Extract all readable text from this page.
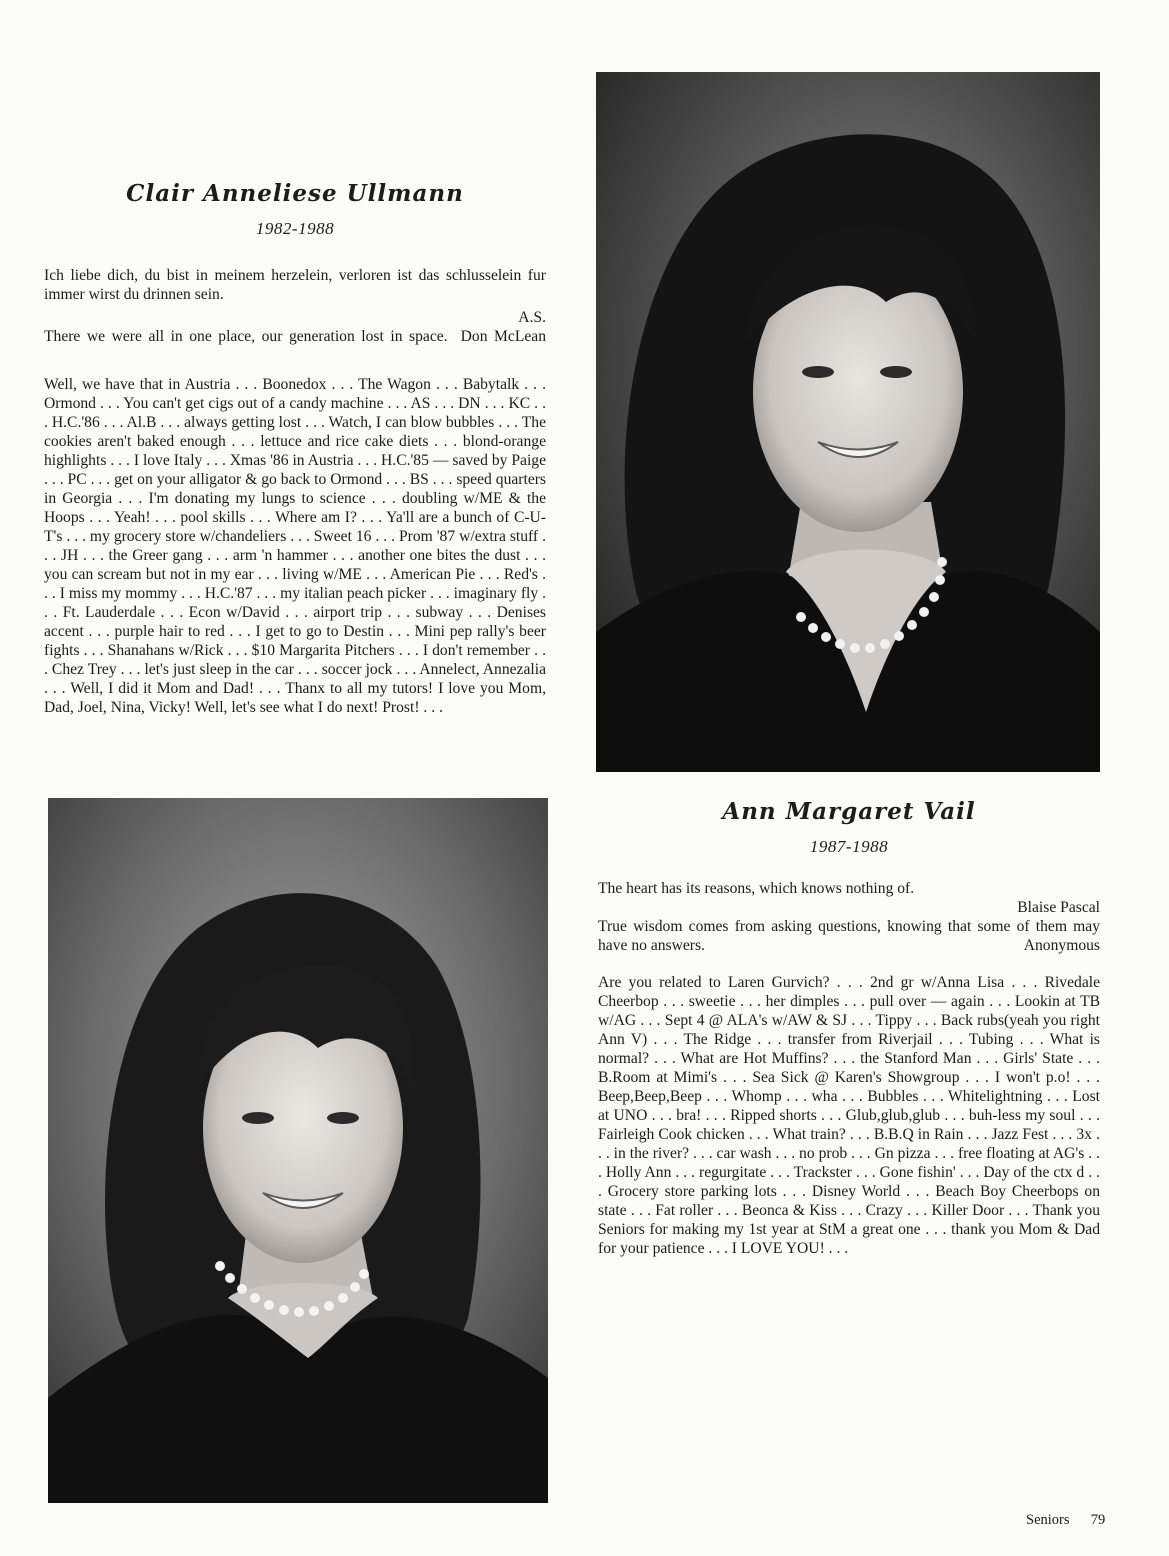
Clair Anneliese Ullmann
1982-1988

Ich liebe dich, du bist in meinem herzelein, verloren ist das schlusselein fur immer wirst du drinnen sein.

A.S.

There we were all in one place, our generation lost in space. Don McLean

Well, we have that in Austria . . . Boonedox . . . The Wagon . . . Babytalk . . . Ormond . . . You can't get cigs out of a candy machine . . . AS . . . DN . . . KC . . . H.C.'86 . . . Al.B . . . always getting lost . . . Watch, I can blow bubbles . . . The cookies aren't baked enough . . . lettuce and rice cake diets . . . blond-orange highlights . . . I love Italy . . . Xmas '86 in Austria . . . H.C.'85 — saved by Paige . . . PC . . . get on your alligator & go back to Ormond . . . BS . . . speed quarters in Georgia . . . I'm donating my lungs to science . . . doubling w/ME & the Hoops . . . Yeah! . . . pool skills . . . Where am I? . . . Ya'll are a bunch of C-U-T's . . . my grocery store w/chandeliers . . . Sweet 16 . . . Prom '87 w/extra stuff . . . JH . . . the Greer gang . . . arm 'n hammer . . . another one bites the dust . . . you can scream but not in my ear . . . living w/ME . . . American Pie . . . Red's . . . I miss my mommy . . . H.C.'87 . . . my italian peach picker . . . imaginary fly . . . Ft. Lauderdale . . . Econ w/David . . . airport trip . . . subway . . . Denises accent . . . purple hair to red . . . I get to go to Destin . . . Mini pep rally's beer fights . . . Shanahans w/Rick . . . $10 Margarita Pitchers . . . I don't remember . . . Chez Trey . . . let's just sleep in the car . . . soccer jock . . . Annelect, Annezalia . . . Well, I did it Mom and Dad! . . . Thanx to all my tutors! I love you Mom, Dad, Joel, Nina, Vicky! Well, let's see what I do next! Prost! . . .

Ann Margaret Vail
1987-1988

The heart has its reasons, which knows nothing of.

Blaise Pascal

True wisdom comes from asking questions, knowing that some of them may have no answers.	Anonymous

Are you related to Laren Gurvich? . . . 2nd gr w/Anna Lisa . . . Rivedale Cheerbop . . . sweetie . . . her dimples . . . pull over — again . . . Lookin at TB w/AG . . . Sept 4 @ ALA's w/AW & SJ . . . Tippy . . . Back rubs(yeah you right Ann V) . . . The Ridge . . . transfer from Riverjail . . . Tubing . . . What is normal? . . . What are Hot Muffins? . . . the Stanford Man . . . Girls' State . . . B.Room at Mimi's . . . Sea Sick @ Karen's Showgroup . . . I won't p.o! . . . Beep,Beep,Beep . . . Whomp . . . wha . . . Bubbles . . . Whitelightning . . . Lost at UNO . . . bra! . . . Ripped shorts . . . Glub,glub,glub . . . buh-less my soul . . . Fairleigh Cook chicken . . . What train? . . . B.B.Q in Rain . . . Jazz Fest . . . 3x . . . in the river? . . . car wash . . . no prob . . . Gn pizza . . . free floating at AG's . . . Holly Ann . . . regurgitate . . . Trackster . . . Gone fishin' . . . Day of the ctx d . . . Grocery store parking lots . . . Disney World . . . Beach Boy Cheerbops on state . . . Fat roller . . . Beonca & Kiss . . . Crazy . . . Killer Door . . . Thank you Seniors for making my 1st year at StM a great one . . . thank you Mom & Dad for your patience . . . I LOVE YOU! . . .

Seniors 79
